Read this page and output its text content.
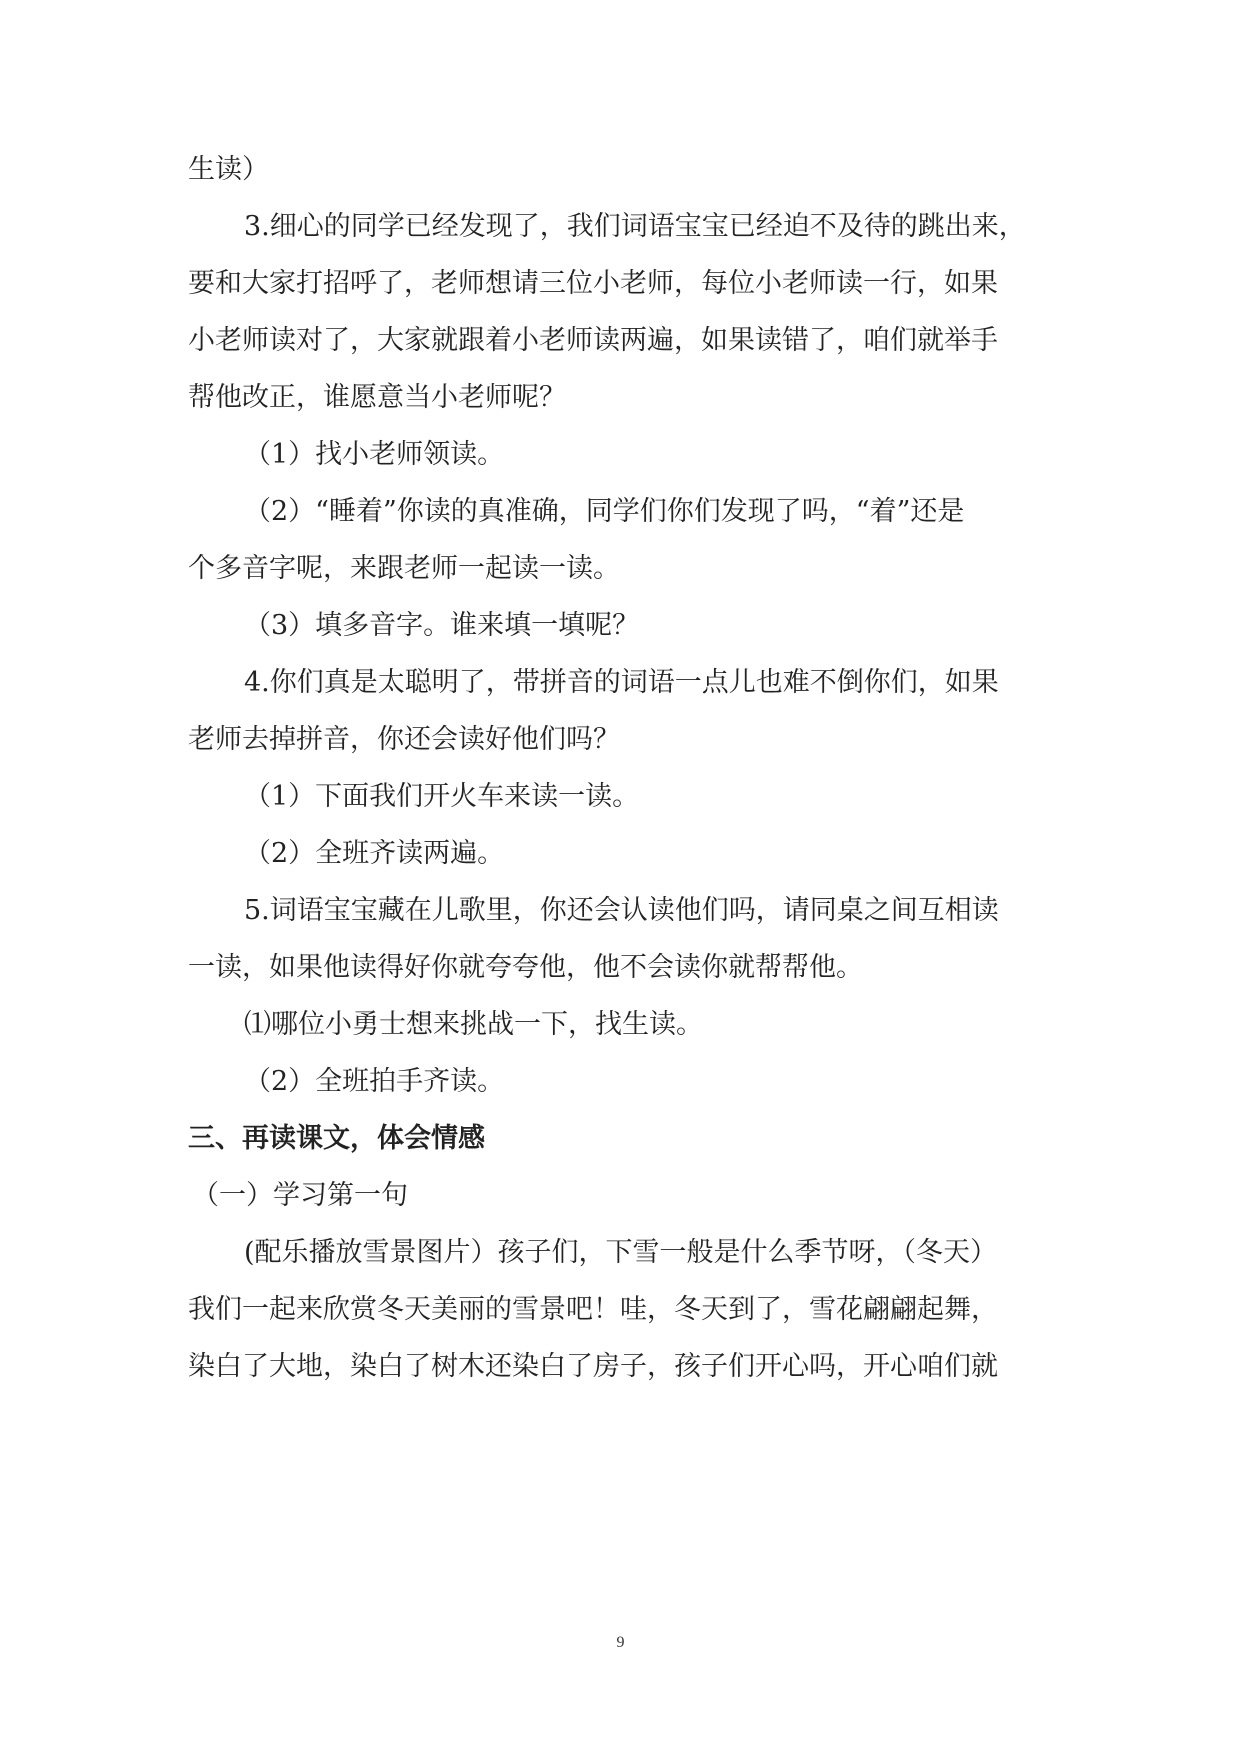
生读）
3.细心的同学已经发现了，我们词语宝宝已经迫不及待的跳出来，
要和大家打招呼了，老师想请三位小老师，每位小老师读一行，如果
小老师读对了，大家就跟着小老师读两遍，如果读错了，咱们就举手
帮他改正，谁愿意当小老师呢？
（1）找小老师领读。
（2）“睡着”你读的真准确，同学们你们发现了吗，“着”还是
个多音字呢，来跟老师一起读一读。
（3）填多音字。谁来填一填呢？
4.你们真是太聪明了，带拼音的词语一点儿也难不倒你们，如果
老师去掉拼音，你还会读好他们吗？
（1）下面我们开火车来读一读。
（2）全班齐读两遍。
5.词语宝宝藏在儿歌里，你还会认读他们吗，请同桌之间互相读
一读，如果他读得好你就夸夸他，他不会读你就帮帮他。
⑴哪位小勇士想来挑战一下，找生读。
（2）全班拍手齐读。
三、再读课文，体会情感
（一）学习第一句
(配乐播放雪景图片）孩子们，下雪一般是什么季节呀，（冬天）
我们一起来欣赏冬天美丽的雪景吧！哇，冬天到了，雪花翩翩起舞，
染白了大地，染白了树木还染白了房子，孩子们开心吗，开心咱们就
9
